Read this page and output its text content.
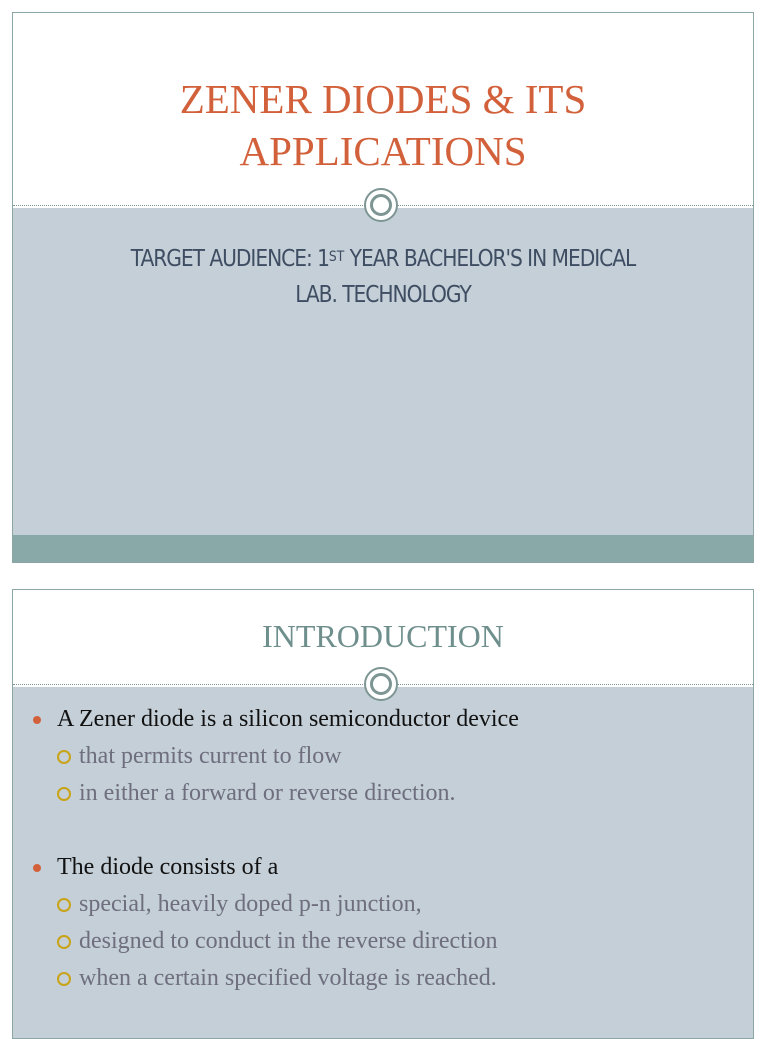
ZENER DIODES & ITS
APPLICATIONS

TARGET AUDIENCE: 1ST YEAR BACHELOR'S IN MEDICAL
LAB. TECHNOLOGY

INTRODUCTION
A Zener diode is a silicon semiconductor device
that permits current to flow
in either a forward or reverse direction.
The diode consists of a
special, heavily doped p-n junction,
designed to conduct in the reverse direction
when a certain specified voltage is reached.
